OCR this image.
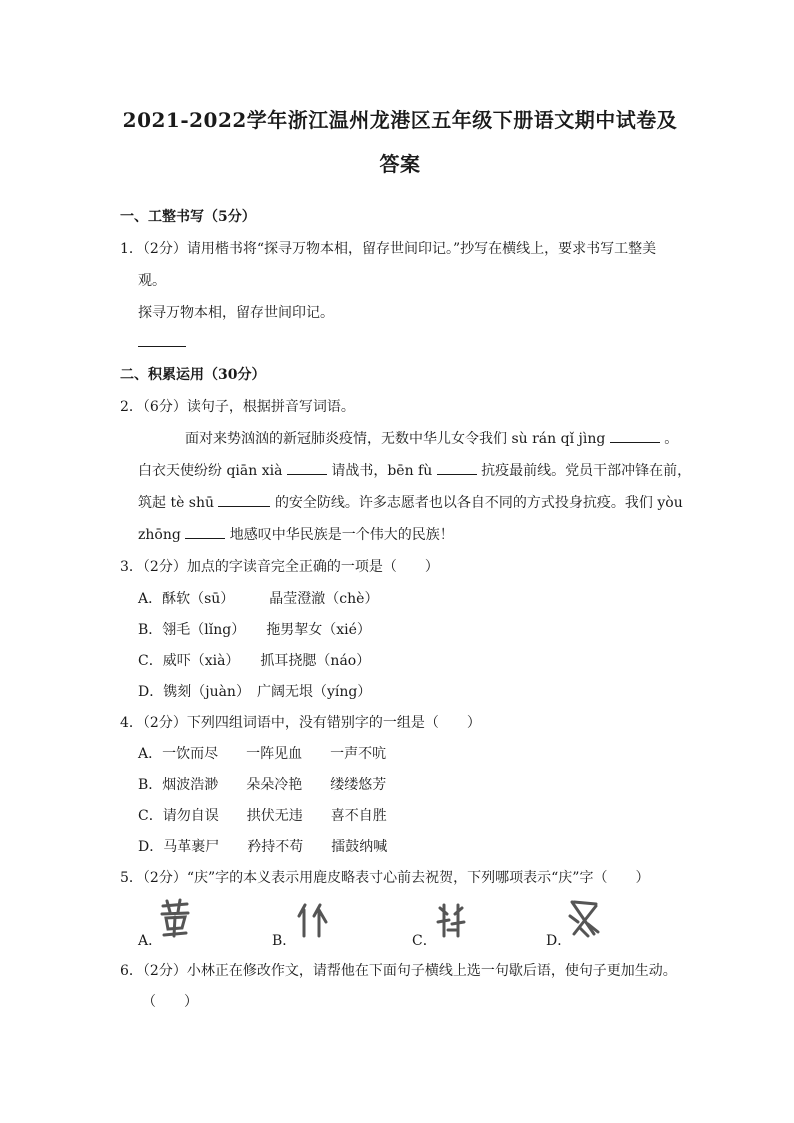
2021-2022学年浙江温州龙港区五年级下册语文期中试卷及
答案
一、工整书写（5分）
1．（2分）请用楷书将“探寻万物本相，留存世间印记。”抄写在横线上，要求书写工整美
观。
探寻万物本相，留存世间印记。
二、积累运用（30分）
2．（6分）读句子，根据拼音写词语。
面对来势汹汹的新冠肺炎疫情，无数中华儿女令我们 sù rán qǐ jìng	。
白衣天使纷纷 qiān xià	请战书，bēn fù	抗疫最前线。党员干部冲锋在前，
筑起 tè shū	的安全防线。许多志愿者也以各自不同的方式投身抗疫。我们 yòu
zhōng	地感叹中华民族是一个伟大的民族！
3．（2分）加点的字读音完全正确的一项是（　　）
A．酥软（sū）　　　晶莹澄澈（chè）
B．翎毛（lǐng）　　拖男挈女（xié）
C．威吓（xià）　　抓耳挠腮（náo）
D．镌刻（juàn）　广阔无垠（yíng）
4．（2分）下列四组词语中，没有错别字的一组是（　　）
A．一饮而尽　　一阵见血　　一声不吭
B．烟波浩渺　　朵朵冷艳　　缕缕悠芳
C．请勿自误　　拱伏无违　　喜不自胜
D．马革裹尸　　矜持不苟　　擂鼓纳喊
5．（2分）“庆”字的本义表示用鹿皮略表寸心前去祝贺，下列哪项表示“庆”字（　　）
A．	B．	C．	D．
6．（2分）小林正在修改作文，请帮他在下面句子横线上选一句歇后语，使句子更加生动。
（　　）
